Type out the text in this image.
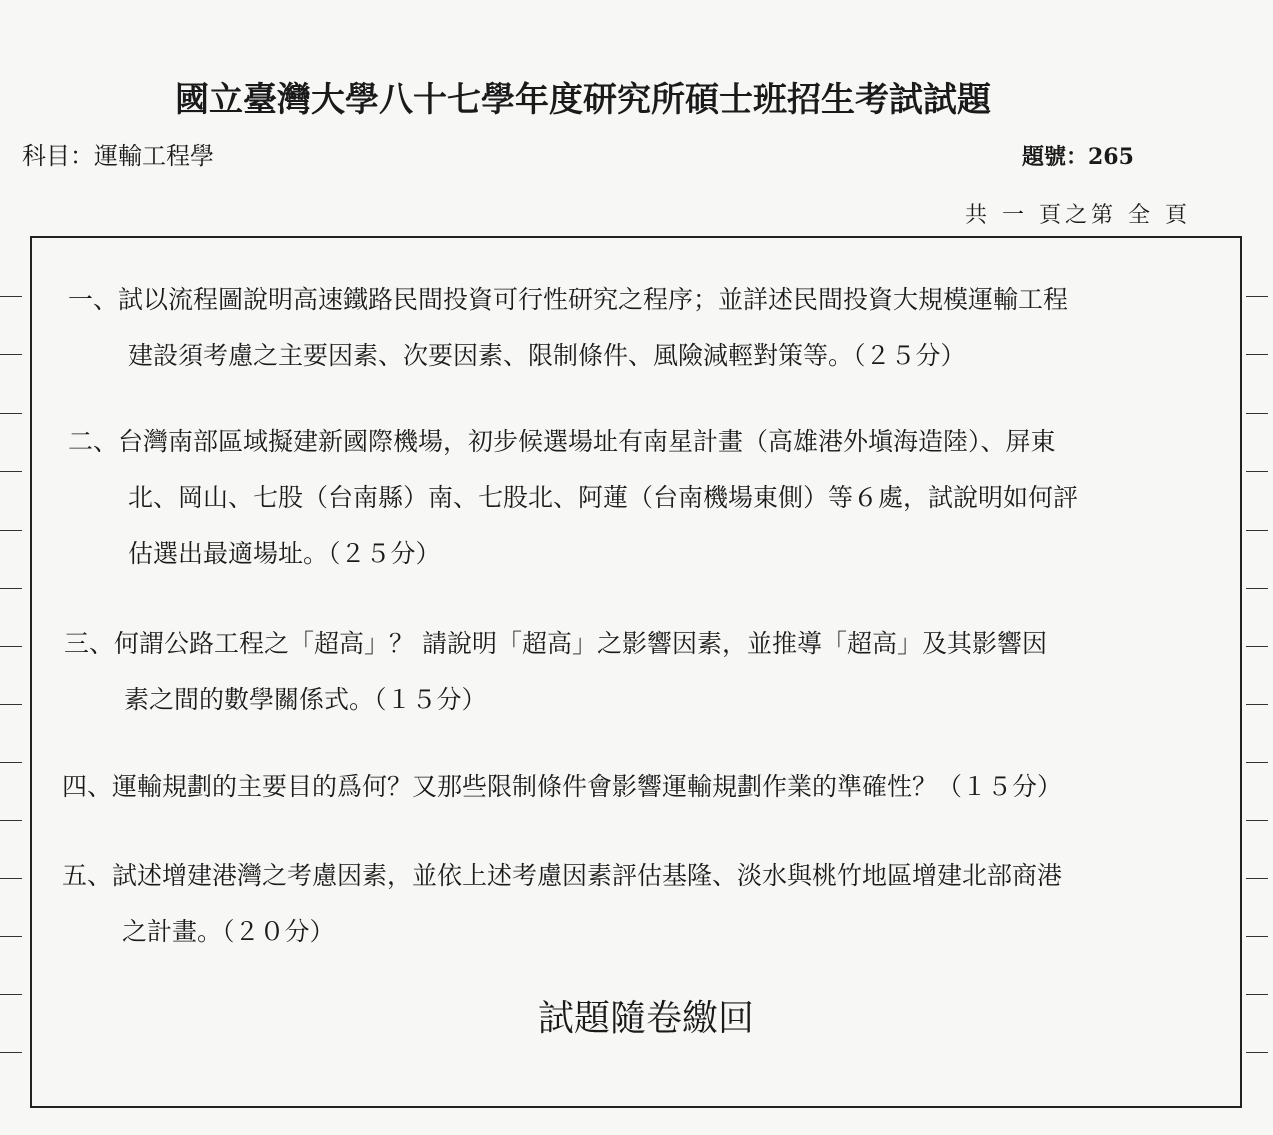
國立臺灣大學八十七學年度研究所碩士班招生考試試題
科目：運輸工程學	題號：265
共 一 頁之第 全 頁
一、試以流程圖說明高速鐵路民間投資可行性研究之程序；並詳述民間投資大規模運輸工程
建設須考慮之主要因素、次要因素、限制條件、風險減輕對策等。（２５分）
二、台灣南部區域擬建新國際機場，初步候選場址有南星計畫（高雄港外塡海造陸）、屏東
北、岡山、七股（台南縣）南、七股北、阿蓮（台南機場東側）等６處，試說明如何評
估選出最適場址。（２５分）
三、何謂公路工程之「超高」？ 請說明「超高」之影響因素，並推導「超高」及其影響因
素之間的數學關係式。（１５分）
四、運輸規劃的主要目的爲何？又那些限制條件會影響運輸規劃作業的準確性？（１５分）
五、試述增建港灣之考慮因素，並依上述考慮因素評估基隆、淡水與桃竹地區增建北部商港
之計畫。（２０分）
試題隨卷繳回
